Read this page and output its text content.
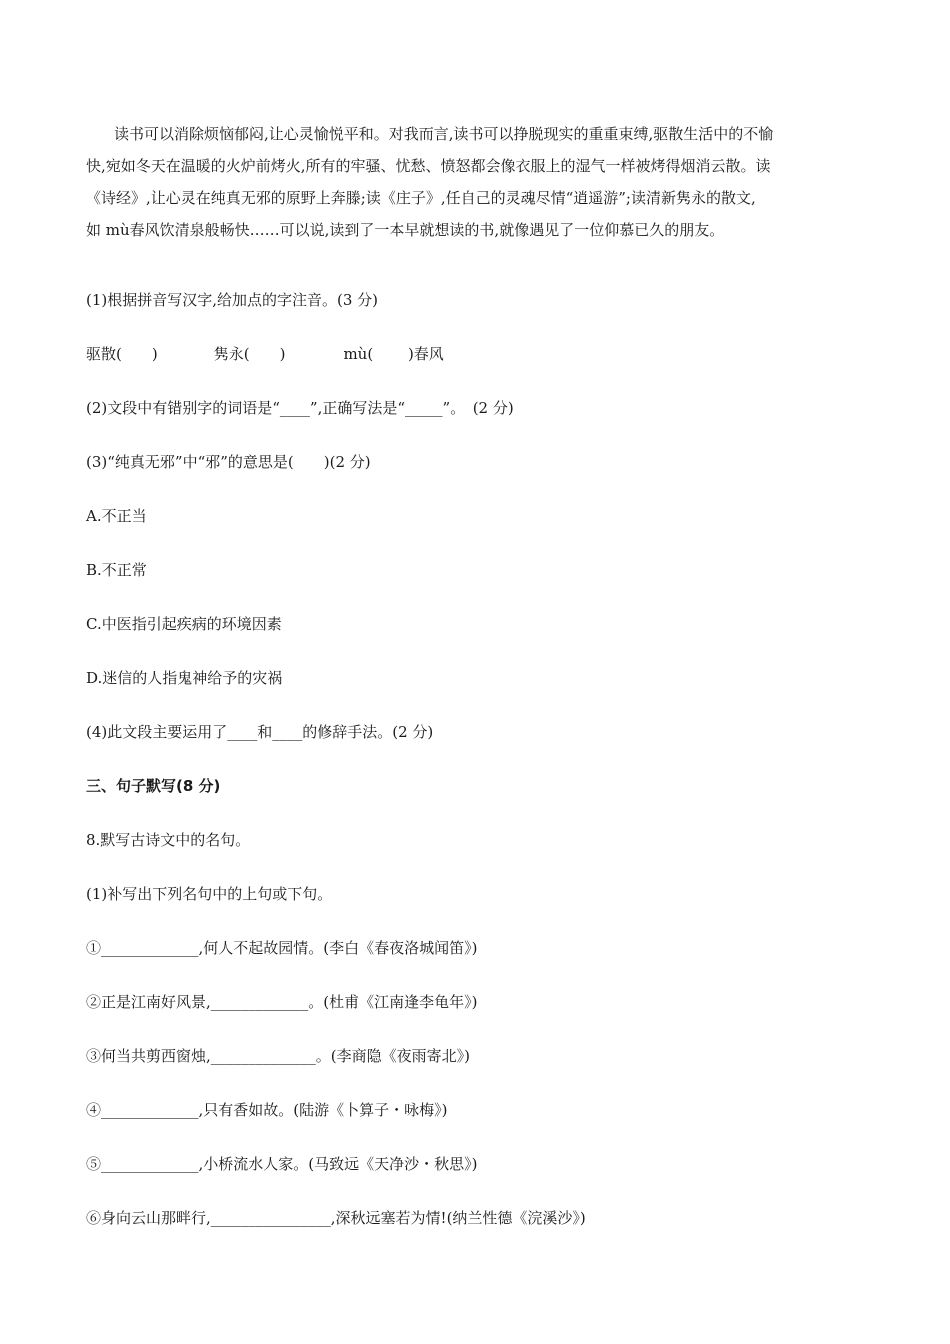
读书可以消除烦恼郁闷,让心灵愉悦平和。对我而言,读书可以挣脱现实的重重束缚,驱散生活中的不愉
快,宛如冬天在温暖的火炉前烤火,所有的牢骚、忧愁、愤怒都会像衣服上的湿气一样被烤得烟消云散。读
《诗经》,让心灵在纯真无邪的原野上奔滕;读《庄子》,任自己的灵魂尽情“逍遥游”;读清新隽永的散文,
如 mù春风饮清泉般畅快……可以说,读到了一本早就想读的书,就像遇见了一位仰慕已久的朋友。
(1)根据拼音写汉字,给加点的字注音。(3 分)
驱散(　　)	隽永(　　)	mù(　　 )春风
(2)文段中有错别字的词语是“____”,正确写法是“_____”。　(2 分)
(3)“纯真无邪”中“邪”的意思是(　　)(2 分)
A.不正当
B.不正常
C.中医指引起疾病的环境因素
D.迷信的人指鬼神给予的灾祸
(4)此文段主要运用了____和____的修辞手法。(2 分)
三、句子默写(8 分)
8.默写古诗文中的名句。
(1)补写出下列名句中的上句或下句。
①_____________,何人不起故园情。(李白《春夜洛城闻笛》)
②正是江南好风景,_____________。(杜甫《江南逢李龟年》)
③何当共剪西窗烛,______________。(李商隐《夜雨寄北》)
④_____________,只有香如故。(陆游《卜算子・咏梅》)
⑤_____________,小桥流水人家。(马致远《天净沙・秋思》)
⑥身向云山那畔行,________________,深秋远塞若为情!(纳兰性德《浣溪沙》)
